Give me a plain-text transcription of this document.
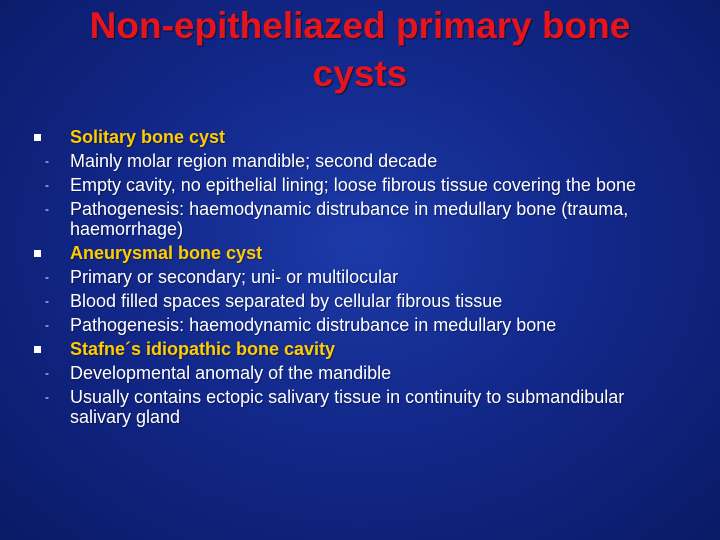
Non-epitheliazed primary bone cysts
Solitary bone cyst
-	Mainly molar region mandible; second decade
-	Empty cavity, no epithelial lining; loose fibrous tissue covering the bone
-	Pathogenesis: haemodynamic distrubance in medullary bone (trauma, haemorrhage)
Aneurysmal bone cyst
-	Primary or secondary; uni- or multilocular
-	Blood filled spaces separated by cellular fibrous tissue
-	Pathogenesis: haemodynamic distrubance in medullary bone
Stafne´s idiopathic bone cavity
-	Developmental anomaly of the mandible
-	Usually contains ectopic salivary tissue in continuity to submandibular salivary gland
